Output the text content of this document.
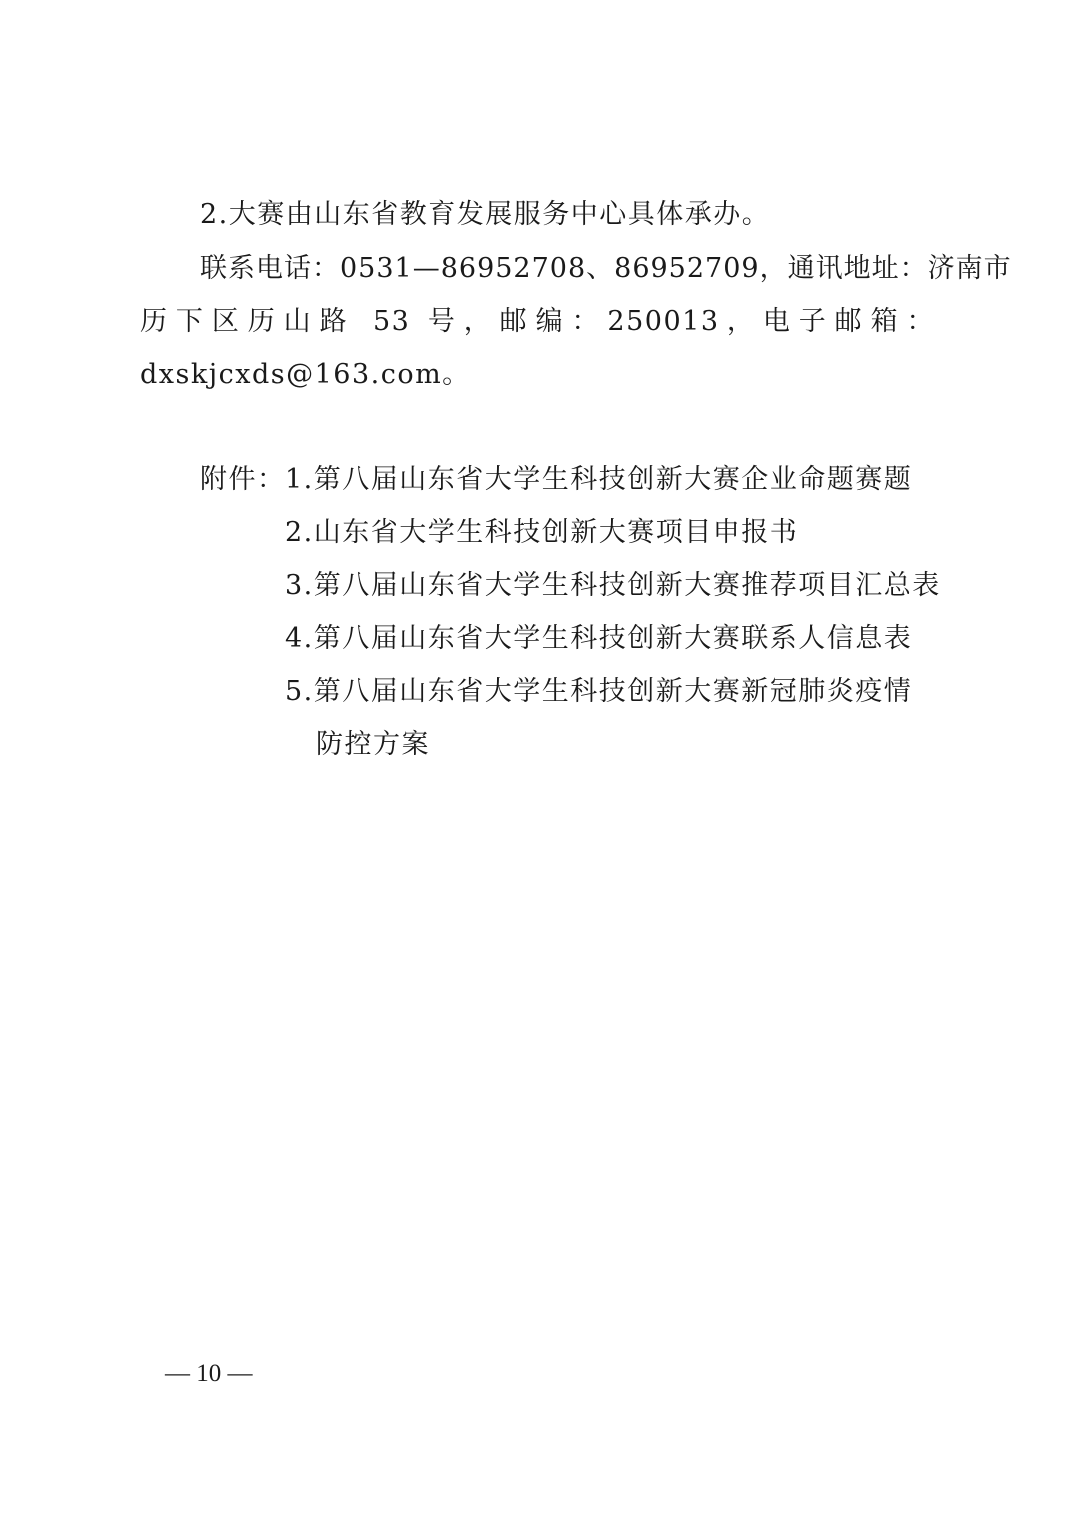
2.大赛由山东省教育发展服务中心具体承办。
联系电话：0531—86952708、86952709，通讯地址：济南市
历下区历山路 53 号，邮编：250013，电子邮箱：
dxskjcxds@163.com。
附件： 1.第八届山东省大学生科技创新大赛企业命题赛题
2.山东省大学生科技创新大赛项目申报书
3.第八届山东省大学生科技创新大赛推荐项目汇总表
4.第八届山东省大学生科技创新大赛联系人信息表
5.第八届山东省大学生科技创新大赛新冠肺炎疫情
防控方案
— 10 —
